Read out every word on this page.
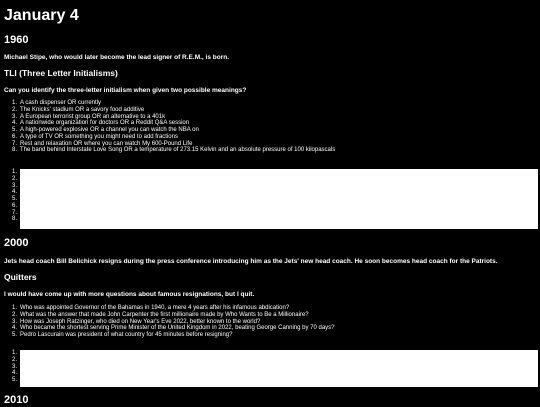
January 4
1960

Michael Stipe, who would later become the lead signer of R.E.M., is born.

TLI (Three Letter Initialisms)

Can you identify the three-letter initialism when given two possible meanings?

1. A cash dispenser OR currently
2. The Knicks' stadium OR a savory food additive
3. A European terrorist group OR an alternative to a 401k
4. A nationwide organization for doctors OR a Reddit Q&A session
5. A high-powered explosive OR a channel you can watch the NBA on
6. A type of TV OR something you might need to add fractions
7. Rest and relaxation OR where you can watch My 600-Pound Life
8. The band behind Interstate Love Song OR a temperature of 273.15 Kelvin and an absolute pressure of 100 kilopascals
1.
2.
3.
4.
5.
6.
7.
8.
2000

Jets head coach Bill Belichick resigns during the press conference introducing him as the Jets' new head coach. He soon becomes head coach for the Patriots.

Quitters

I would have come up with more questions about famous resignations, but I quit.

1. Who was appointed Governor of the Bahamas in 1940, a mere 4 years after his infamous abdication?
2. What was the answer that made John Carpenter the first millionaire made by Who Wants to Be a Millionaire?
3. How was Joseph Ratzinger, who died on New Year's Eve 2022, better known to the world?
4. Who became the shortest serving Prime Minister of the United Kingdom in 2022, beating George Canning by 70 days?
5. Pedro Lascurain was president of what country for 45 minutes before resigning?
1.
2.
3.
4.
5.
2010
